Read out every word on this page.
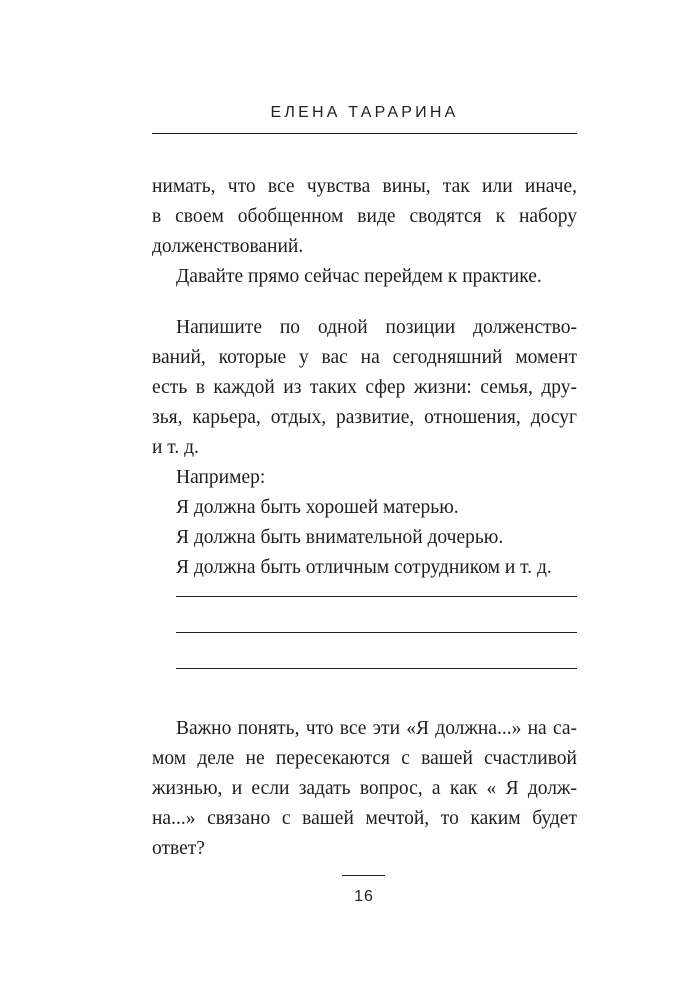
ЕЛЕНА ТАРАРИНА
нимать, что все чувства вины, так или иначе,
в своем обобщенном виде сводятся к набору
долженствований.
Давайте прямо сейчас перейдем к практике.
Напишите по одной позиции долженство-
ваний, которые у вас на сегодняшний момент
есть в каждой из таких сфер жизни: семья, дру-
зья, карьера, отдых, развитие, отношения, досуг
и т. д.
Например:
Я должна быть хорошей матерью.
Я должна быть внимательной дочерью.
Я должна быть отличным сотрудником и т. д.
Важно понять, что все эти «Я должна...» на са-
мом деле не пересекаются с вашей счастливой
жизнью, и если задать вопрос, а как « Я долж-
на...» связано с вашей мечтой, то каким будет
ответ?
16
